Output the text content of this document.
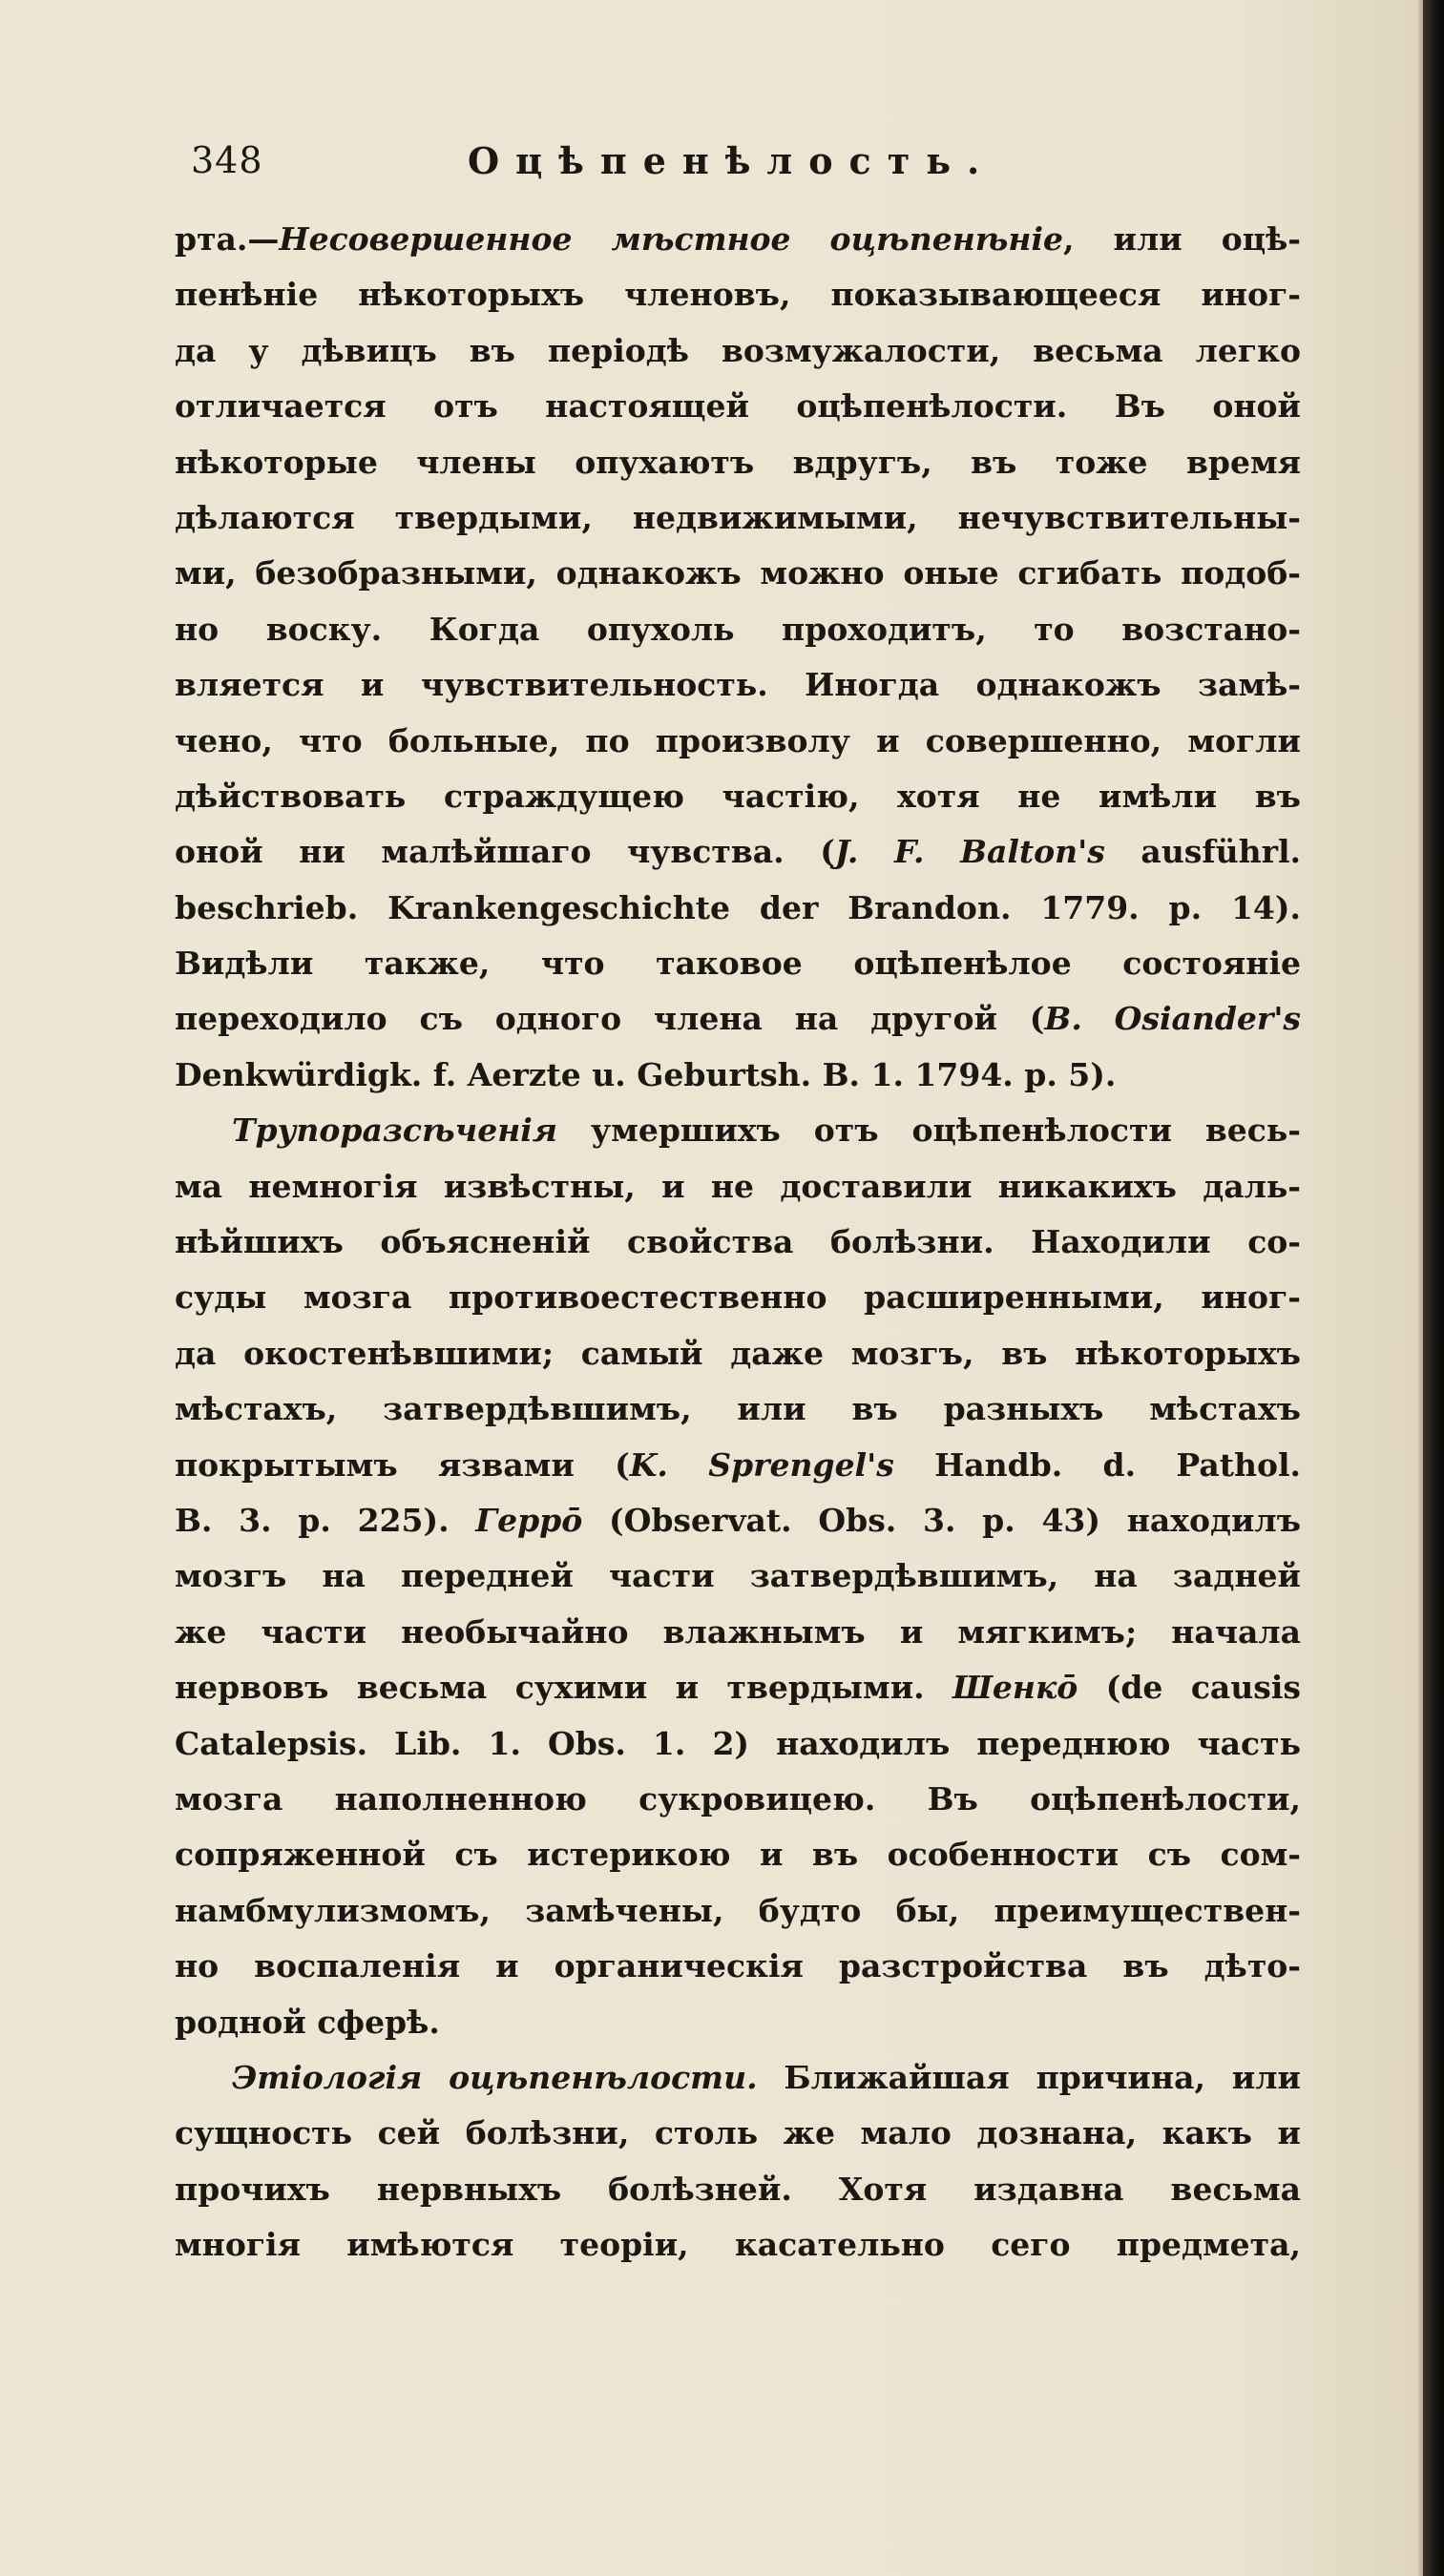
348	Оцѣпенѣлость.
рта.—Несовершенное мѣстное оцѣпенѣніе, или оцѣ-
пенѣніе нѣкоторыхъ членовъ, показывающееся иног-
да у дѣвицъ въ періодѣ возмужалости, весьма легко
отличается отъ настоящей оцѣпенѣлости. Въ оной
нѣкоторые члены опухаютъ вдругъ, въ тоже время
дѣлаются твердыми, недвижимыми, нечувствительны-
ми, безобразными, однакожъ можно оные сгибать подоб-
но воску. Когда опухоль проходитъ, то возстано-
вляется и чувствительность. Иногда однакожъ замѣ-
чено, что больные, по произволу и совершенно, могли
дѣйствовать страждущею частію, хотя не имѣли въ
оной ни малѣйшаго чувства. (J. F. Balton's ausführl.
beschrieb. Krankengeschichte der Brandon. 1779. p. 14).
Видѣли также, что таковое оцѣпенѣлое состояніе
переходило съ одного члена на другой (B. Osiander's
Denkwürdigk. f. Aerzte u. Geburtsh. B. 1. 1794. p. 5).
Трупоразсѣченія умершихъ отъ оцѣпенѣлости весь-
ма немногія извѣстны, и не доставили никакихъ даль-
нѣйшихъ объясненій свойства болѣзни. Находили со-
суды мозга противоестественно расширенными, иног-
да окостенѣвшими; самый даже мозгъ, въ нѣкоторыхъ
мѣстахъ, затвердѣвшимъ, или въ разныхъ мѣстахъ
покрытымъ язвами (K. Sprengel's Handb. d. Pathol.
B. 3. p. 225). Геррō (Observat. Obs. 3. p. 43) находилъ
мозгъ на передней части затвердѣвшимъ, на задней
же части необычайно влажнымъ и мягкимъ; начала
нервовъ весьма сухими и твердыми. Шенкō (de causis
Catalepsis. Lib. 1. Obs. 1. 2) находилъ переднюю часть
мозга наполненною сукровицею. Въ оцѣпенѣлости,
сопряженной съ истерикою и въ особенности съ сом-
намбмулизмомъ, замѣчены, будто бы, преимуществен-
но воспаленія и органическія разстройства въ дѣто-
родной сферѣ.
Этіологія оцѣпенѣлости. Ближайшая причина, или
сущность сей болѣзни, столь же мало дознана, какъ и
прочихъ нервныхъ болѣзней. Хотя издавна весьма
многія имѣются теоріи, касательно сего предмета,
